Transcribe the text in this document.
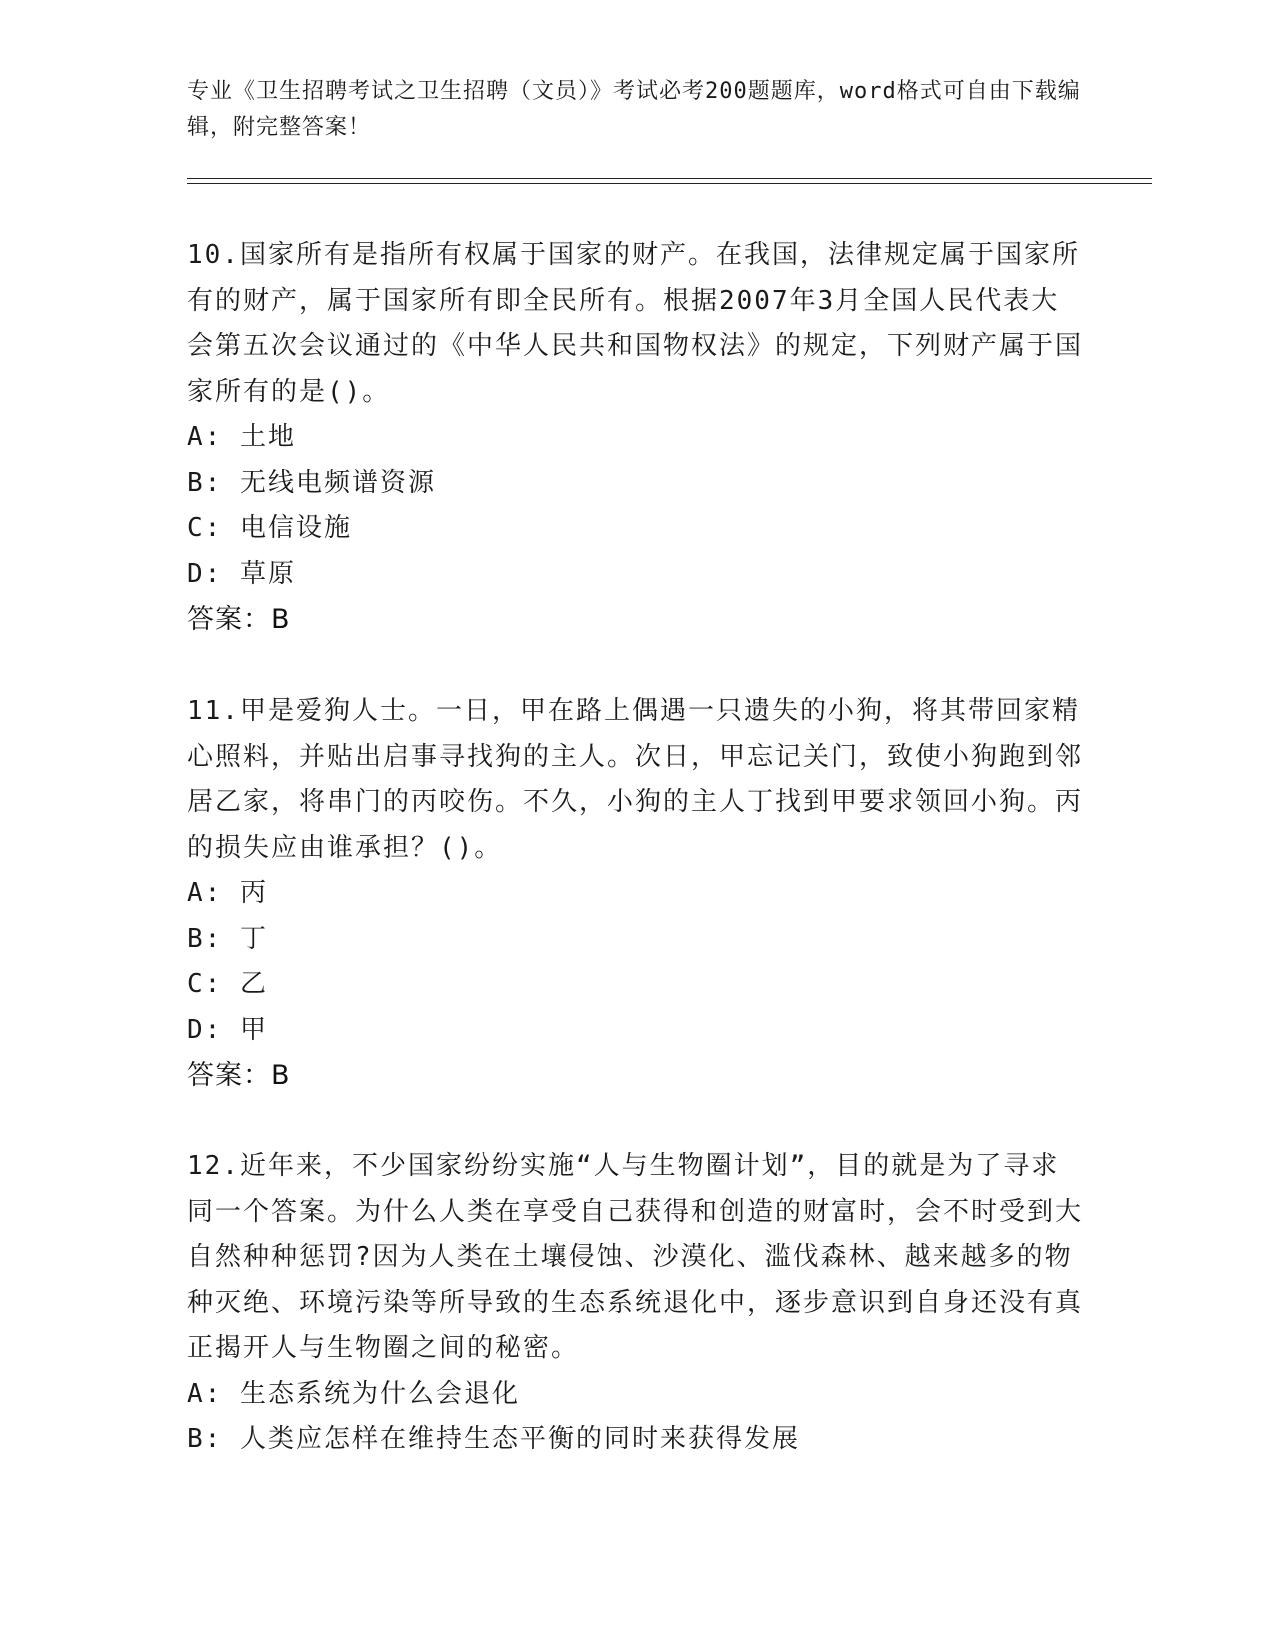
专业《卫生招聘考试之卫生招聘（文员）》考试必考200题题库，word格式可自由下载编辑，附完整答案！

10.国家所有是指所有权属于国家的财产。在我国，法律规定属于国家所有的财产，属于国家所有即全民所有。根据2007年3月全国人民代表大会第五次会议通过的《中华人民共和国物权法》的规定，下列财产属于国家所有的是()。

A: 土地

B: 无线电频谱资源

C: 电信设施

D: 草原

答案：B

11.甲是爱狗人士。一日，甲在路上偶遇一只遗失的小狗，将其带回家精心照料，并贴出启事寻找狗的主人。次日，甲忘记关门，致使小狗跑到邻居乙家，将串门的丙咬伤。不久，小狗的主人丁找到甲要求领回小狗。丙的损失应由谁承担？()。

A: 丙

B: 丁

C: 乙

D: 甲

答案：B

12.近年来，不少国家纷纷实施“人与生物圈计划”，目的就是为了寻求同一个答案。为什么人类在享受自己获得和创造的财富时，会不时受到大自然种种惩罚?因为人类在土壤侵蚀、沙漠化、滥伐森林、越来越多的物种灭绝、环境污染等所导致的生态系统退化中，逐步意识到自身还没有真正揭开人与生物圈之间的秘密。

A: 生态系统为什么会退化

B: 人类应怎样在维持生态平衡的同时来获得发展
